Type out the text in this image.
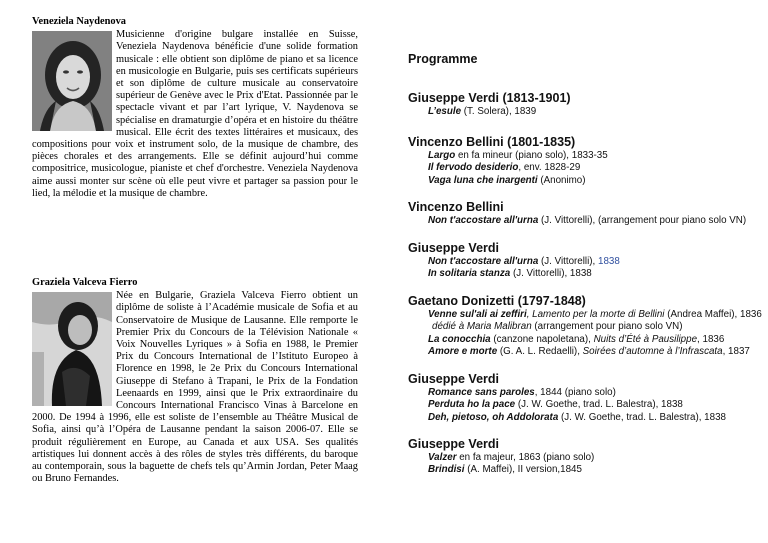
Veneziela Naydenova

Musicienne d'origine bulgare installée en Suisse, Veneziela Naydenova bénéficie d'une solide formation musicale : elle obtient son diplôme de piano et sa licence en musicologie en Bulgarie, puis ses certificats supérieurs et son diplôme de culture musicale au conservatoire supérieur de Genève avec le Prix d'Etat. Passionnée par le spectacle vivant et par l’art lyrique, V. Naydenova se spécialise en dramaturgie d’opéra et en histoire du théâtre musical. Elle écrit des textes littéraires et musicaux, des compositions pour voix et instrument solo, de la musique de chambre, des pièces chorales et des arrangements. Elle se définit aujourd’hui comme compositrice, musicologue, pianiste et chef d'orchestre. Veneziela Naydenova aime aussi monter sur scène où elle peut vivre et partager sa passion pour le lied, la mélodie et la musique de chambre.

Graziela Valceva Fierro

Née en Bulgarie, Graziela Valceva Fierro obtient un diplôme de soliste à l’Académie musicale de Sofia et au Conservatoire de Musique de Lausanne. Elle remporte le Premier Prix du Concours de la Télévision Nationale « Voix Nouvelles Lyriques » à Sofia en 1988, le Premier Prix du Concours International de l’Istituto Europeo à Florence en 1998, le 2e Prix du Concours International Giuseppe di Stefano à Trapani, le Prix de la Fondation Leenaards en 1999, ainsi que le Prix extraordinaire du Concours International Francisco Vinas à Barcelone en 2000. De 1994 à 1996, elle est soliste de l’ensemble au Théâtre Musical de Sofia, ainsi qu’à l’Opéra de Lausanne pendant la saison 2006-07. Elle se produit régulièrement en Europe, au Canada et aux USA. Ses qualités artistiques lui donnent accès à des rôles de styles très différents, du baroque au contemporain, sous la baguette de chefs tels qu’Armin Jordan, Peter Maag ou Bruno Fernandes.

Programme

Giuseppe Verdi (1813-1901)

L’esule (T. Solera), 1839

Vincenzo Bellini (1801-1835)

Largo en fa mineur (piano solo), 1833-35

Il fervodo desiderio, env. 1828-29

Vaga luna che inargenti (Anonimo)

Vincenzo Bellini

Non t'accostare all'urna (J. Vittorelli), (arrangement pour piano solo VN)

Giuseppe Verdi

Non t'accostare all'urna (J. Vittorelli), 1838

In solitaria stanza (J. Vittorelli), 1838

Gaetano Donizetti (1797-1848)

Venne sul'ali ai zeffiri, Lamento per la morte di Bellini (Andrea Maffei), 1836

dédié à Maria Malibran (arrangement pour piano solo VN)

La conocchia (canzone napoletana), Nuits d’Été à Pausilippe, 1836

Amore e morte (G. A. L. Redaelli), Soirées d’automne à l’Infrascata, 1837

Giuseppe Verdi

Romance sans paroles, 1844 (piano solo)

Perduta ho la pace (J. W. Goethe, trad. L. Balestra), 1838

Deh, pietoso, oh Addolorata (J. W. Goethe, trad. L. Balestra), 1838

Giuseppe Verdi

Valzer en fa majeur, 1863 (piano solo)

Brindisi (A. Maffei), II version,1845
